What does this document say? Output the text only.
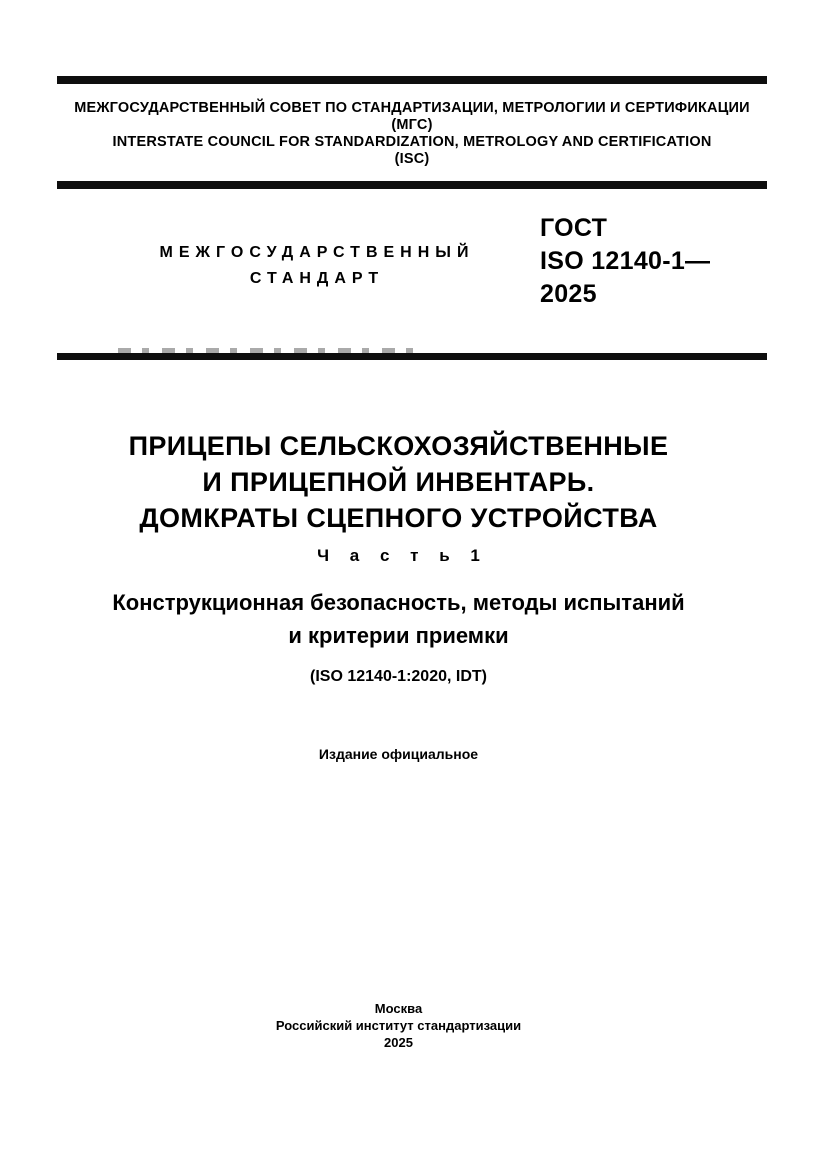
МЕЖГОСУДАРСТВЕННЫЙ СОВЕТ ПО СТАНДАРТИЗАЦИИ, МЕТРОЛОГИИ И СЕРТИФИКАЦИИ
(МГС)
INTERSTATE COUNCIL FOR STANDARDIZATION, METROLOGY AND CERTIFICATION
(ISC)
МЕЖГОСУДАРСТВЕННЫЙ
СТАНДАРТ
ГОСТ
ISO 12140-1—
2025
ПРИЦЕПЫ СЕЛЬСКОХОЗЯЙСТВЕННЫЕ
И ПРИЦЕПНОЙ ИНВЕНТАРЬ.
ДОМКРАТЫ СЦЕПНОГО УСТРОЙСТВА
Ч а с т ь 1
Конструкционная безопасность, методы испытаний
и критерии приемки
(ISO 12140-1:2020, IDT)
Издание официальное
Москва
Российский институт стандартизации
2025
